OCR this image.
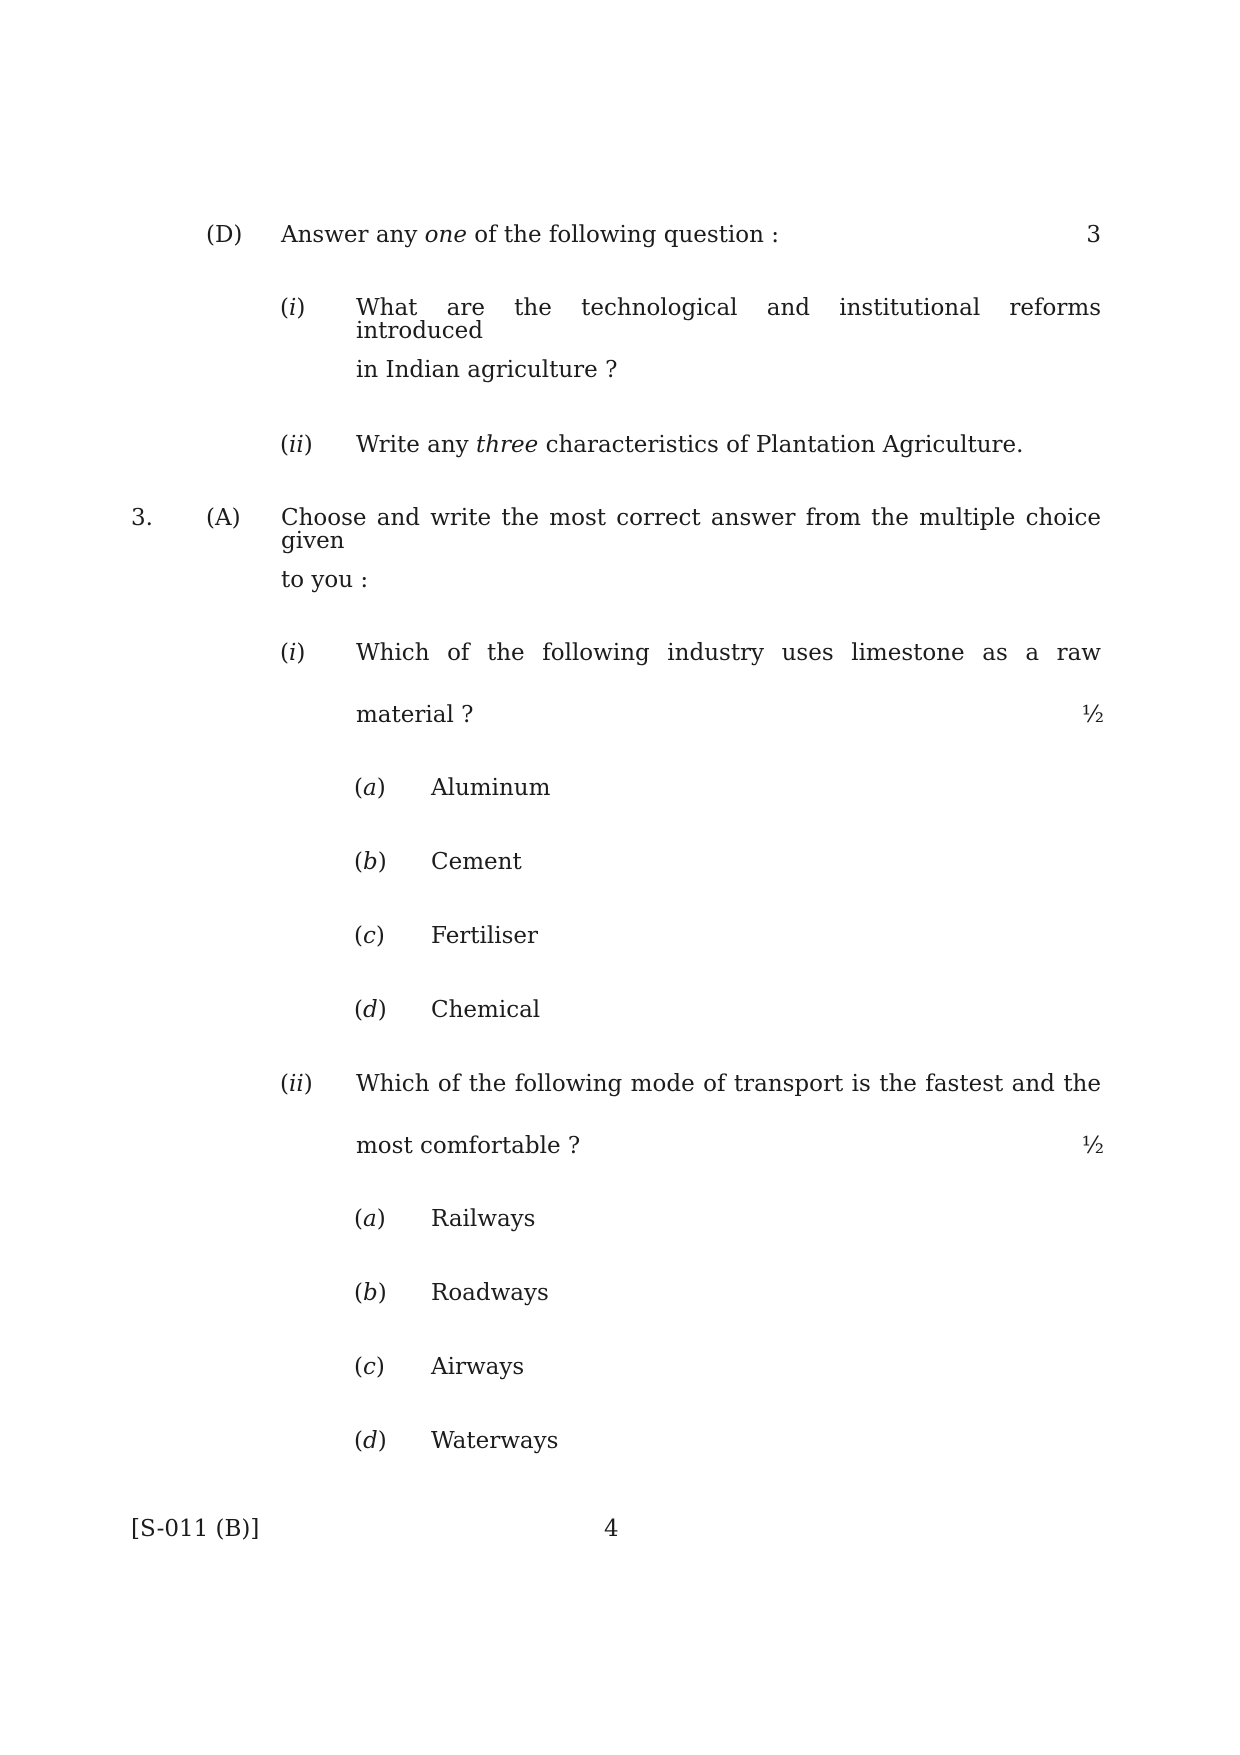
(D) Answer any one of the following question :	3
(i) What are the technological and institutional reforms introduced
in Indian agriculture ?
(ii) Write any three characteristics of Plantation Agriculture.
3. (A) Choose and write the most correct answer from the multiple choice given
to you :
(i) Which of the following industry uses limestone as a raw
material ?	½
(a) Aluminum
(b) Cement
(c) Fertiliser
(d) Chemical
(ii) Which of the following mode of transport is the fastest and the
most comfortable ?	½
(a) Railways
(b) Roadways
(c) Airways
(d) Waterways
[S-011 (B)]	4
